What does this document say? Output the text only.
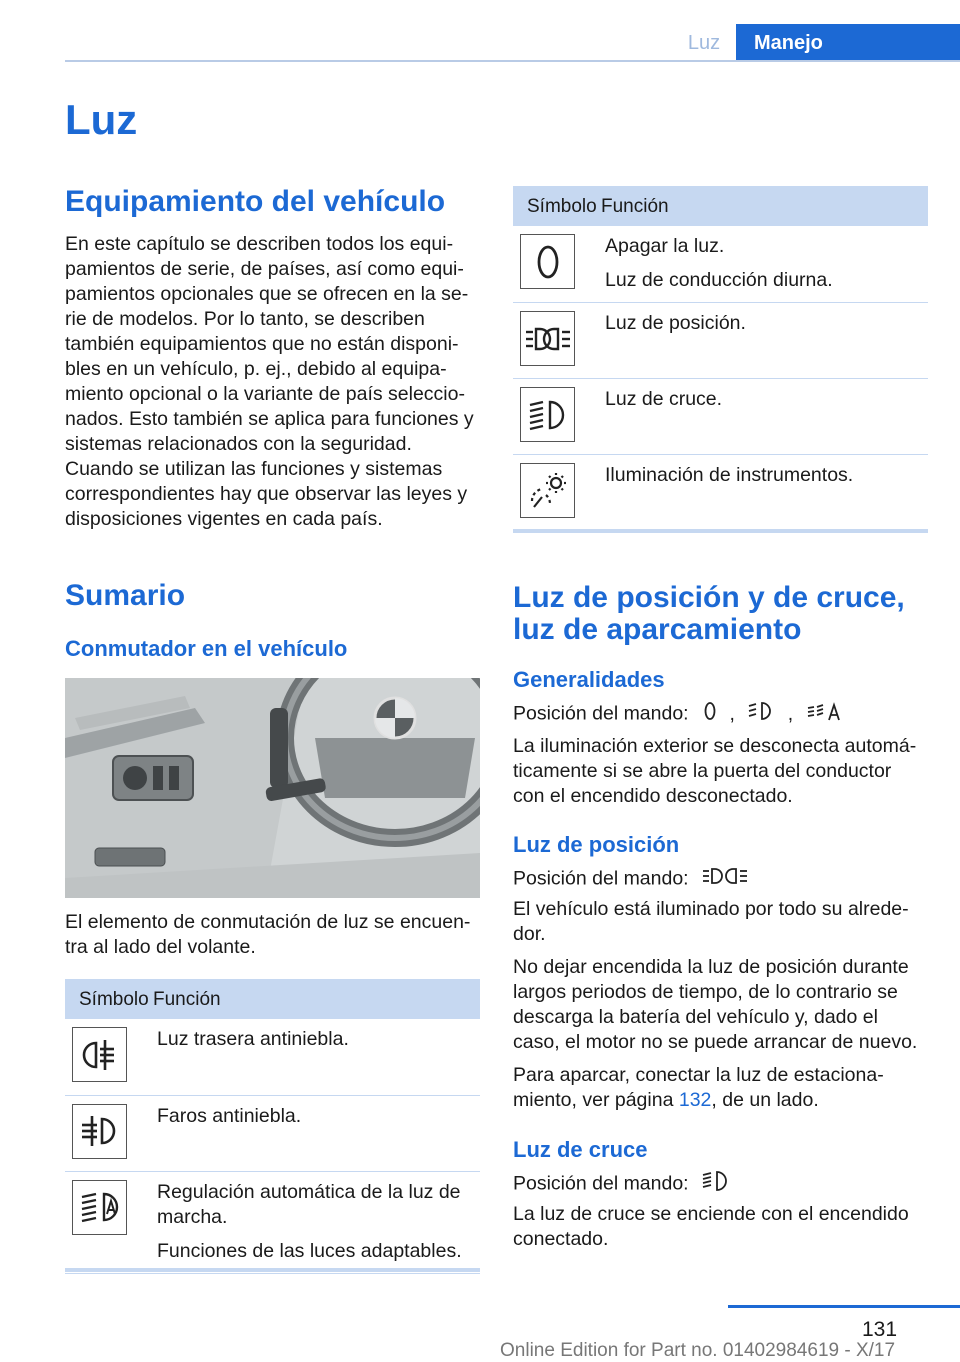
Luz	Manejo
Luz
Equipamiento del vehículo
En este capítulo se describen todos los equi‐
pamientos de serie, de países, así como equi‐
pamientos opcionales que se ofrecen en la se‐
rie de modelos. Por lo tanto, se describen
también equipamientos que no están disponi‐
bles en un vehículo, p. ej., debido al equipa‐
miento opcional o la variante de país seleccio‐
nados. Esto también se aplica para funciones y
sistemas relacionados con la seguridad.
Cuando se utilizan las funciones y sistemas
correspondientes hay que observar las leyes y
disposiciones vigentes en cada país.
Sumario
Conmutador en el vehículo
El elemento de conmutación de luz se encuen‐
tra al lado del volante.
Símbolo	Función

Luz trasera antiniebla.

Faros antiniebla.

Regulación automática de la luz de marcha.

Funciones de las luces adaptables.

Símbolo	Función

Apagar la luz.

Luz de conducción diurna.

Luz de posición.

Luz de cruce.

Iluminación de instrumentos.

Luz de posición y de cruce,
luz de aparcamiento
Generalidades
Posición del mando: ,	,
La iluminación exterior se desconecta automá‐
ticamente si se abre la puerta del conductor
con el encendido desconectado.
Luz de posición
Posición del mando:
El vehículo está iluminado por todo su alrede‐
dor.
No dejar encendida la luz de posición durante
largos periodos de tiempo, de lo contrario se
descarga la batería del vehículo y, dado el
caso, el motor no se puede arrancar de nuevo.
Para aparcar, conectar la luz de estaciona‐
miento, ver página 132, de un lado.
Luz de cruce
Posición del mando:
La luz de cruce se enciende con el encendido
conectado.
131
Online Edition for Part no. 01402984619 - X/17
